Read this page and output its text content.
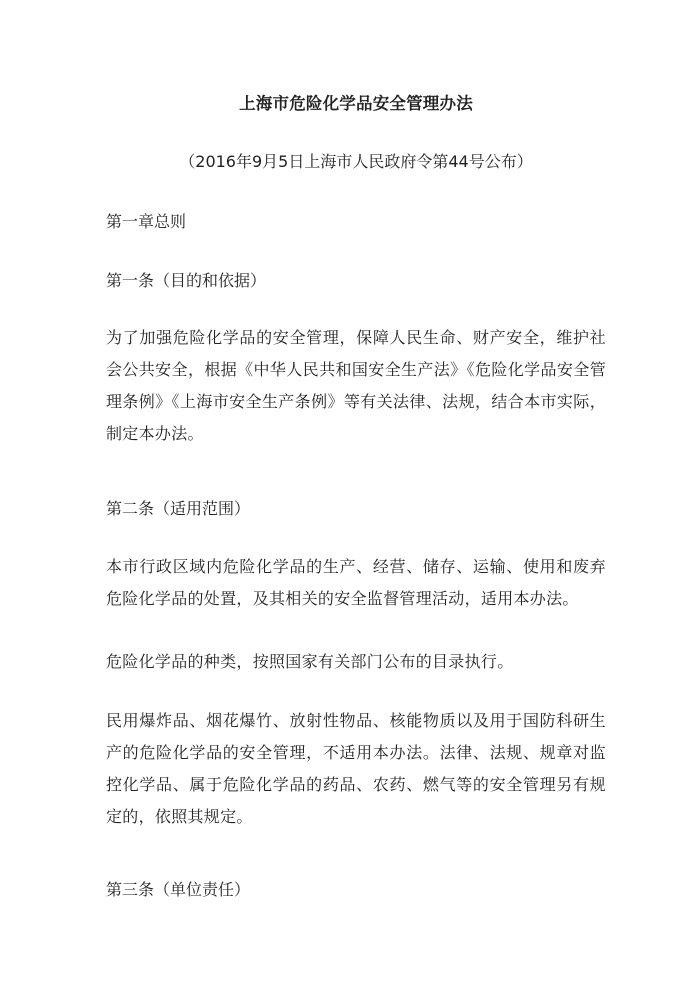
上海市危险化学品安全管理办法
（2016年9月5日上海市人民政府令第44号公布）
第一章总则
第一条（目的和依据）
为了加强危险化学品的安全管理，保障人民生命、财产安全，维护社会公共安全，根据《中华人民共和国安全生产法》《危险化学品安全管理条例》《上海市安全生产条例》等有关法律、法规，结合本市实际，制定本办法。
第二条（适用范围）
本市行政区域内危险化学品的生产、经营、储存、运输、使用和废弃危险化学品的处置，及其相关的安全监督管理活动，适用本办法。
危险化学品的种类，按照国家有关部门公布的目录执行。
民用爆炸品、烟花爆竹、放射性物品、核能物质以及用于国防科研生产的危险化学品的安全管理，不适用本办法。法律、法规、规章对监控化学品、属于危险化学品的药品、农药、燃气等的安全管理另有规定的，依照其规定。
第三条（单位责任）
